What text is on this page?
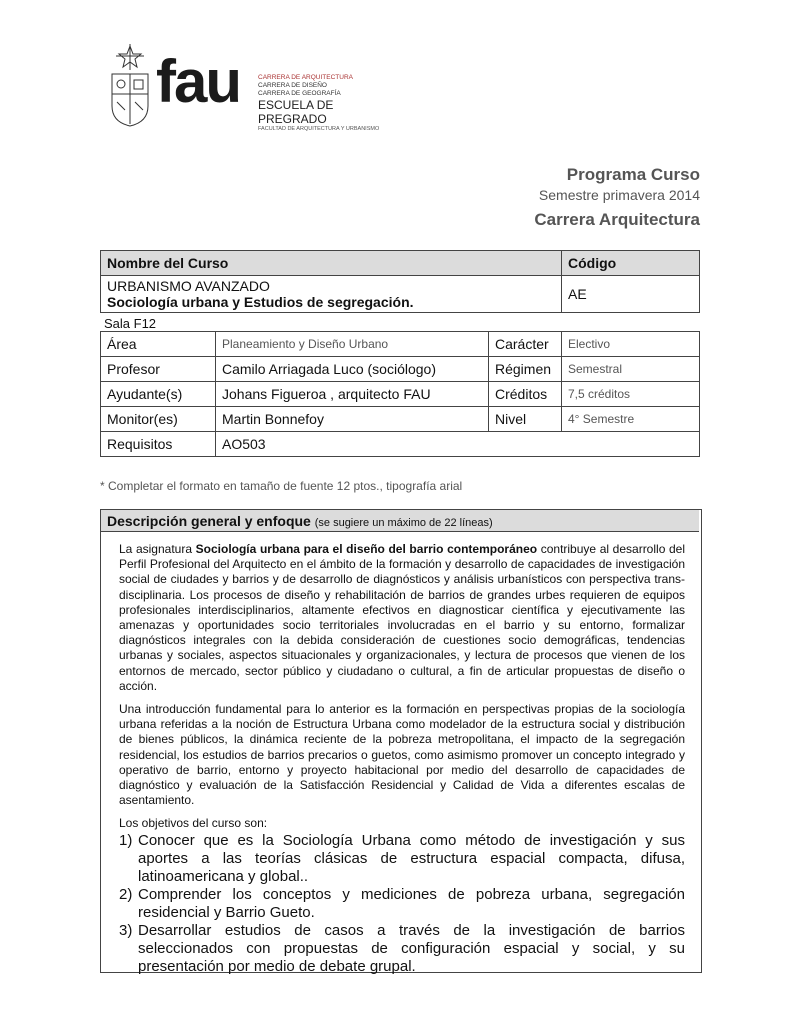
fau	CARRERA DE ARQUITECTURA
CARRERA DE DISEÑO
CARRERA DE GEOGRAFÍA
ESCUELA DE PREGRADO
FACULTAD DE ARQUITECTURA Y URBANISMO
Programa Curso
Semestre primavera 2014
Carrera Arquitectura
Nombre del Curso	Código

URBANISMO AVANZADO
Sociología urbana y Estudios de segregación.	AE
Sala F12
Área	Planeamiento y Diseño Urbano	Carácter	Electivo
Profesor	Camilo Arriagada Luco (sociólogo)	Régimen	Semestral
Ayudante(s)	Johans Figueroa , arquitecto FAU	Créditos	7,5 créditos
Monitor(es)	Martin Bonnefoy	Nivel	4° Semestre
Requisitos	AO503		
* Completar el formato en tamaño de fuente 12 ptos., tipografía arial
Descripción general y enfoque (se sugiere un máximo de 22 líneas)

La asignatura Sociología urbana para el diseño del barrio contemporáneo contribuye al desarrollo del Perfil Profesional del Arquitecto en el ámbito de la formación y desarrollo de capacidades de investigación social de ciudades y barrios y de desarrollo de diagnósticos y análisis urbanísticos con perspectiva trans-disciplinaria. Los procesos de diseño y rehabilitación de barrios de grandes urbes requieren de equipos profesionales interdisciplinarios, altamente efectivos en diagnosticar científica y ejecutivamente las amenazas y oportunidades socio territoriales involucradas en el barrio y su entorno, formalizar diagnósticos integrales con la debida consideración de cuestiones socio demográficas, tendencias urbanas y sociales, aspectos situacionales y organizacionales, y lectura de procesos que vienen de los entornos de mercado, sector público y ciudadano o cultural, a fin de articular propuestas de diseño o acción.

Una introducción fundamental para lo anterior es la formación en perspectivas propias de la sociología urbana referidas a la noción de Estructura Urbana como modelador de la estructura social y distribución de bienes públicos, la dinámica reciente de la pobreza metropolitana, el impacto de la segregación residencial, los estudios de barrios precarios o guetos, como asimismo promover un concepto integrado y operativo de barrio, entorno y proyecto habitacional por medio del desarrollo de capacidades de diagnóstico y evaluación de la Satisfacción Residencial y Calidad de Vida a diferentes escalas de asentamiento.

Los objetivos del curso son:
1) Conocer que es la Sociología Urbana como método de investigación y sus aportes a las teorías clásicas de estructura espacial compacta, difusa, latinoamericana y global..
2) Comprender los conceptos y mediciones de pobreza urbana, segregación residencial y Barrio Gueto.
3) Desarrollar estudios de casos a través de la investigación de barrios seleccionados con propuestas de configuración espacial y social, y su presentación por medio de debate grupal.
